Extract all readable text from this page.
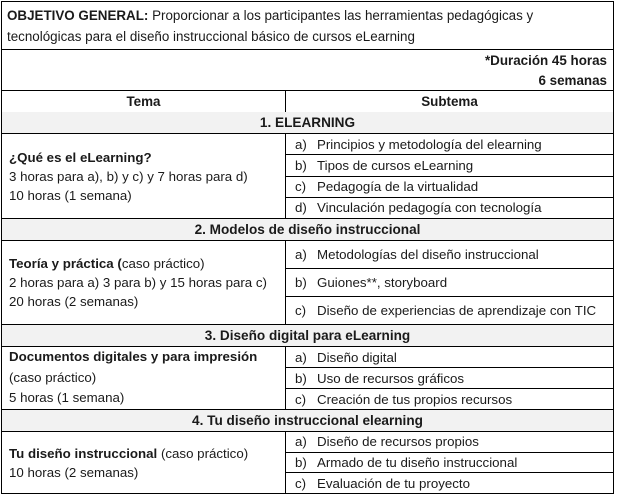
OBJETIVO GENERAL: Proporcionar a los participantes las herramientas pedagógicas y
tecnológicas para el diseño instruccional básico de cursos eLearning
*Duración 45 horas
6 semanas
Tema	Subtema
1. ELEARNING
¿Qué es el eLearning?
3 horas para a), b) y c) y 7 horas para d)
10 horas (1 semana)
a) Principios y metodología del elearning
b) Tipos de cursos eLearning
c) Pedagogía de la virtualidad
d) Vinculación pedagogía con tecnología
2. Modelos de diseño instruccional
Teoría y práctica (caso práctico)
2 horas para a) 3 para b) y 15 horas para c)
20 horas (2 semanas)
a) Metodologías del diseño instruccional
b) Guiones**, storyboard
c) Diseño de experiencias de aprendizaje con TIC
3. Diseño digital para eLearning
Documentos digitales y para impresión
(caso práctico)
5 horas (1 semana)
a) Diseño digital
b) Uso de recursos gráficos
c) Creación de tus propios recursos
4. Tu diseño instruccional elearning
Tu diseño instruccional (caso práctico)
10 horas (2 semanas)
a) Diseño de recursos propios
b) Armado de tu diseño instruccional
c) Evaluación de tu proyecto
